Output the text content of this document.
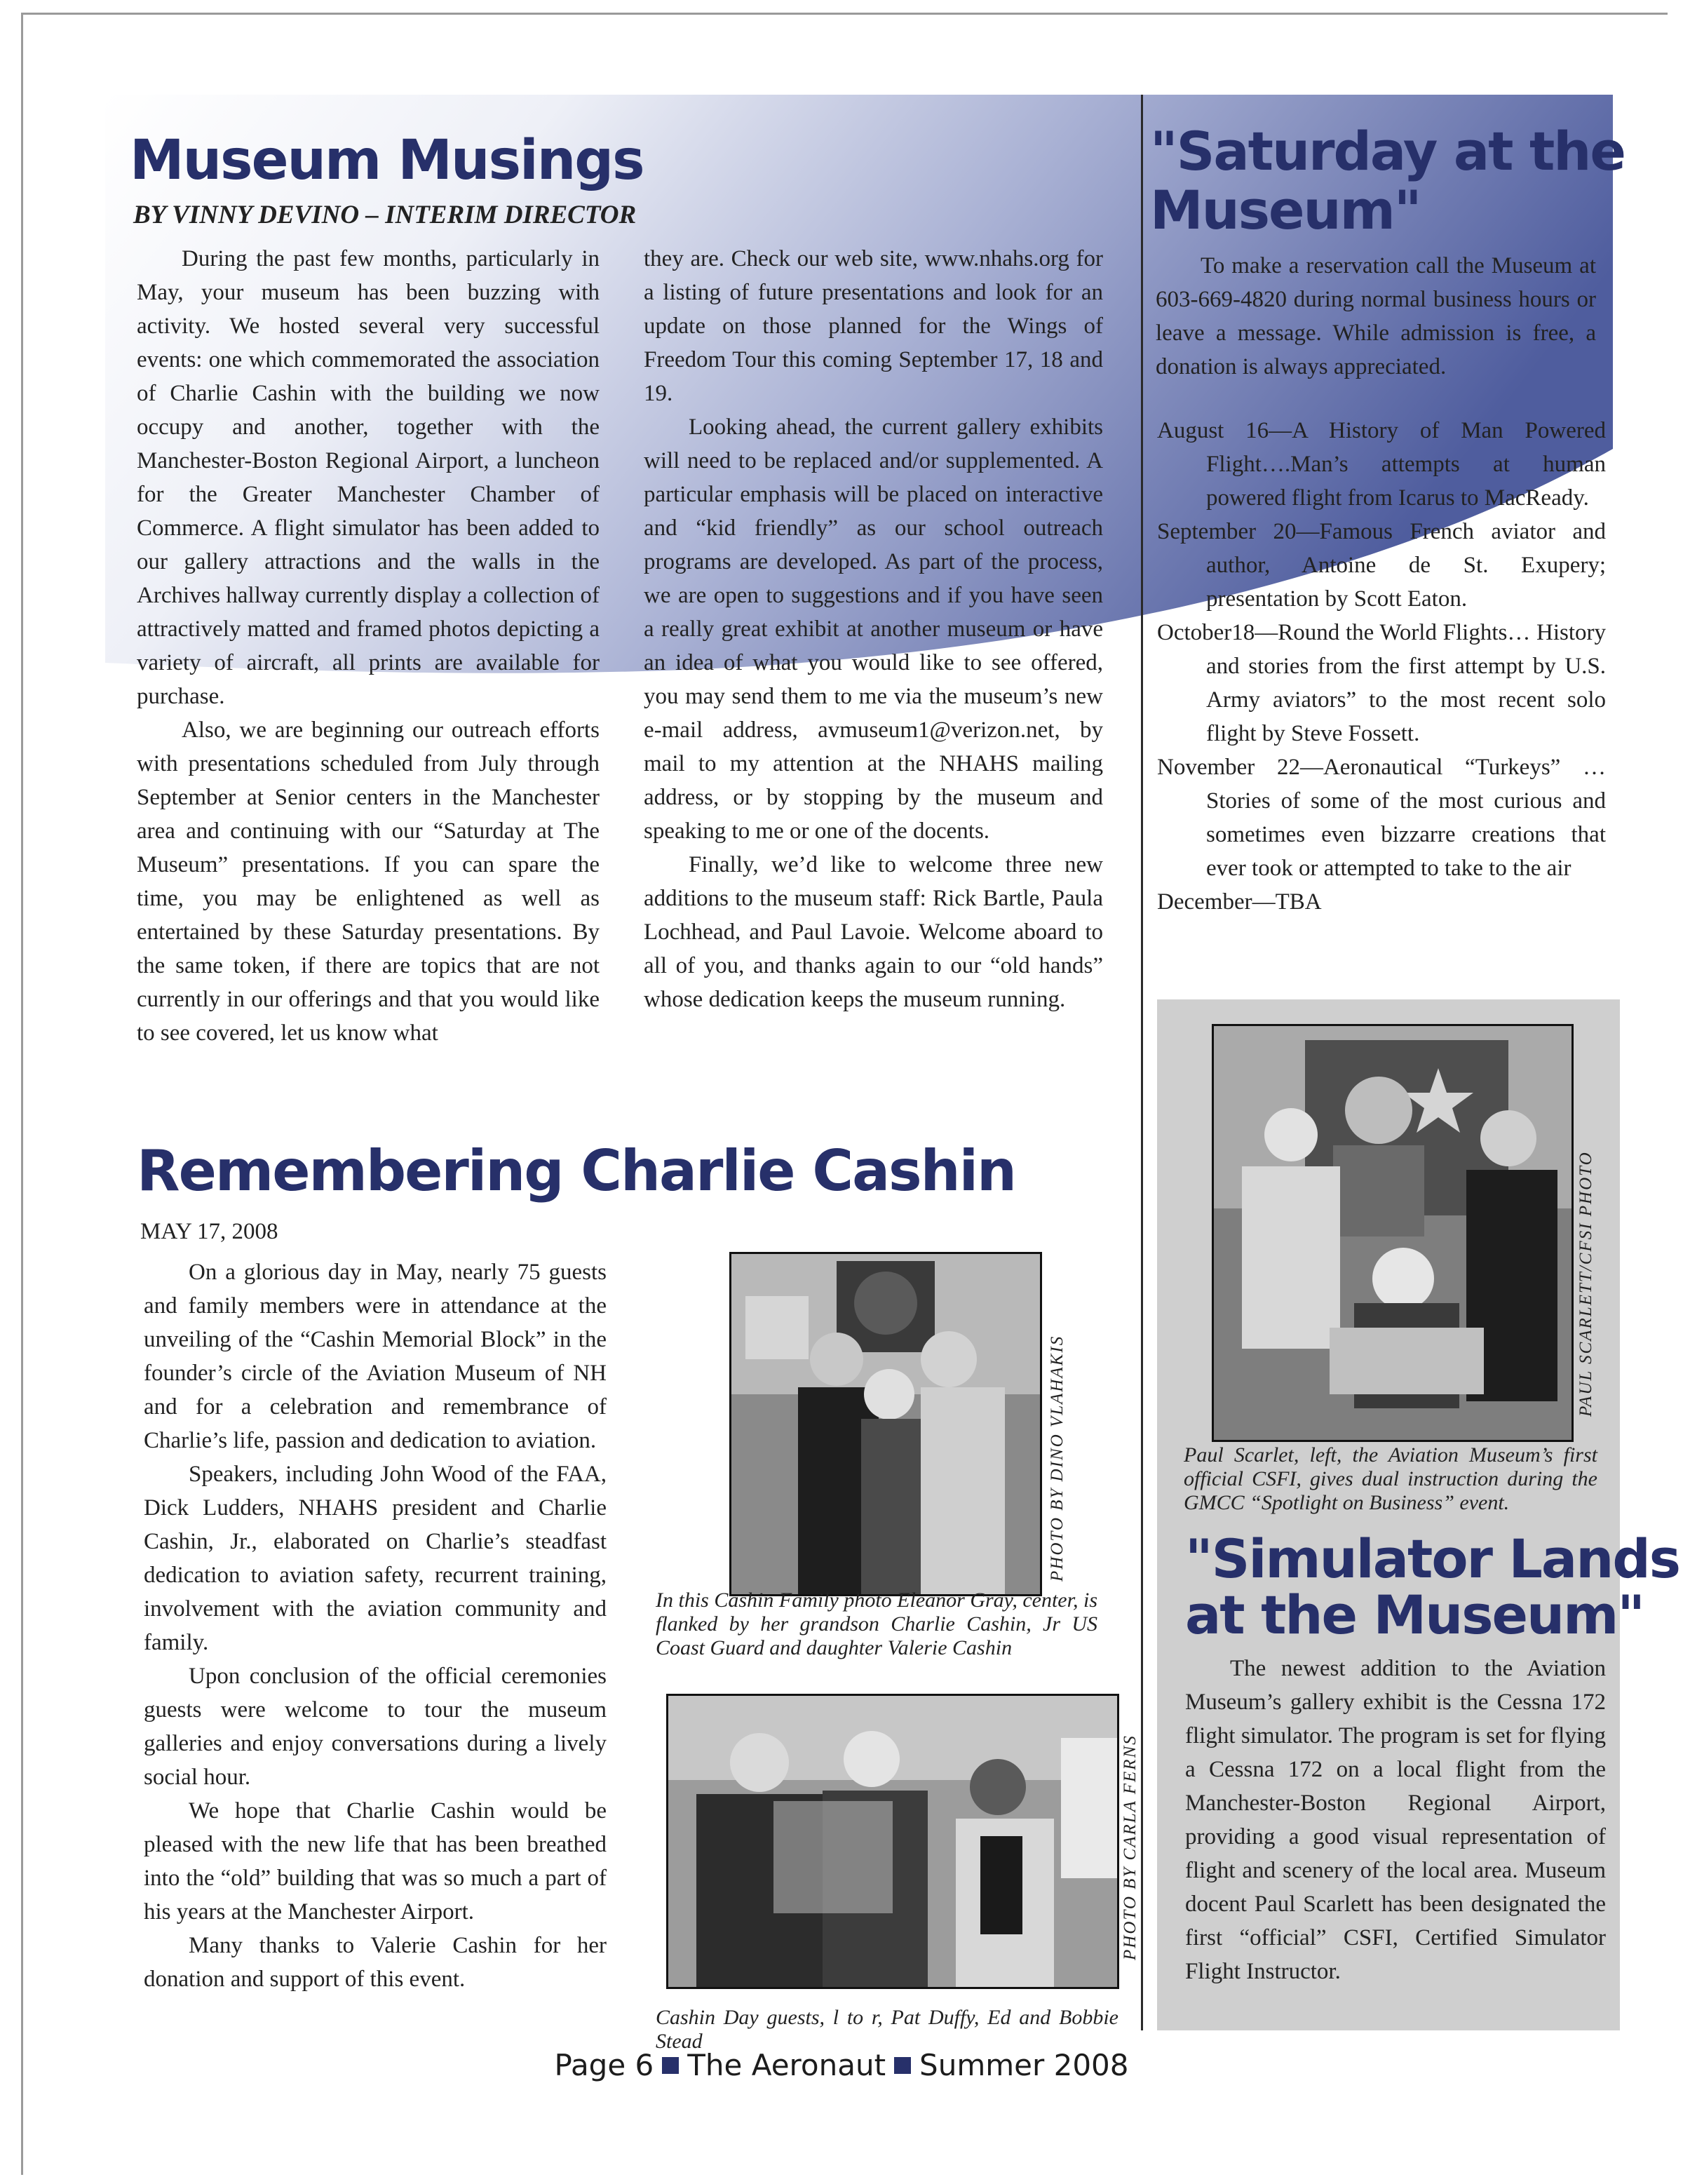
Museum Musings
BY VINNY DEVINO – INTERIM DIRECTOR

During the past few months, particularly in May, your museum has been buzzing with activity. We hosted several very successful events: one which commemorated the association of Charlie Cashin with the building we now occupy and another, together with the Manchester-Boston Regional Airport, a luncheon for the Greater Manchester Chamber of Commerce. A flight simulator has been added to our gallery attractions and the walls in the Archives hallway currently display a collection of attractively matted and framed photos depicting a variety of aircraft, all prints are available for purchase.

Also, we are beginning our outreach efforts with presentations scheduled from July through September at Senior centers in the Manchester area and continuing with our “Saturday at The Museum” presentations. If you can spare the time, you may be enlightened as well as entertained by these Saturday presentations. By the same token, if there are topics that are not currently in our offerings and that you would like to see covered, let us know what

they are. Check our web site, www.nhahs.org for a listing of future presentations and look for an update on those planned for the Wings of Freedom Tour this coming September 17, 18 and 19.

Looking ahead, the current gallery exhibits will need to be replaced and/or supplemented. A particular emphasis will be placed on interactive and “kid friendly” as our school outreach programs are developed. As part of the process, we are open to suggestions and if you have seen a really great exhibit at another museum or have an idea of what you would like to see offered, you may send them to me via the museum’s new e-mail address, avmuseum1@verizon.net, by mail to my attention at the NHAHS mailing address, or by stopping by the museum and speaking to me or one of the docents.

Finally, we’d like to welcome three new additions to the museum staff: Rick Bartle, Paula Lochhead, and Paul Lavoie. Welcome aboard to all of you, and thanks again to our “old hands” whose dedication keeps the museum running.

"Saturday at the
Museum"

To make a reservation call the Museum at 603-669-4820 during normal business hours or leave a message. While admission is free, a donation is always appreciated.

August 16—A History of Man Powered Flight….Man’s attempts at human powered flight from Icarus to MacReady.

September 20—Famous French aviator and author, Antoine de St. Exupery; presentation by Scott Eaton.

October18—Round the World Flights… History and stories from the first attempt by U.S. Army aviators” to the most recent solo flight by Steve Fossett.

November 22—Aeronautical “Turkeys” …Stories of some of the most curious and sometimes even bizzarre creations that ever took or attempted to take to the air

December—TBA

Remembering Charlie Cashin
MAY 17, 2008

On a glorious day in May, nearly 75 guests and family members were in attendance at the unveiling of the “Cashin Memorial Block” in the founder’s circle of the Aviation Museum of NH and for a celebration and remembrance of Charlie’s life, passion and dedication to aviation.

Speakers, including John Wood of the FAA, Dick Ludders, NHAHS president and Charlie Cashin, Jr., elaborated on Charlie’s steadfast dedication to aviation safety, recurrent training, involvement with the aviation community and family.

Upon conclusion of the official ceremonies guests were welcome to tour the museum galleries and enjoy conversations during a lively social hour.

We hope that Charlie Cashin would be pleased with the new life that has been breathed into the “old” building that was so much a part of his years at the Manchester Airport.

Many thanks to Valerie Cashin for her donation and support of this event.

PHOTO BY DINO VLAHAKIS

In this Cashin Family photo Eleanor Gray, center, is flanked by her grandson Charlie Cashin, Jr US Coast Guard and daughter Valerie Cashin

PHOTO BY CARLA FERNS

Cashin Day guests, l to r, Pat Duffy, Ed and Bobbie Stead

PAUL SCARLETT/CFSI PHOTO

Paul Scarlet, left, the Aviation Museum’s first official CSFI, gives dual instruction during the GMCC “Spotlight on Business” event.

"Simulator Lands
at the Museum"

The newest addition to the Aviation Museum’s gallery exhibit is the Cessna 172 flight simulator. The program is set for flying a Cessna 172 on a local flight from the Manchester-Boston Regional Airport, providing a good visual representation of flight and scenery of the local area. Museum docent Paul Scarlett has been designated the first “official” CSFI, Certified Simulator Flight Instructor.

Page 6 The Aeronaut Summer 2008
